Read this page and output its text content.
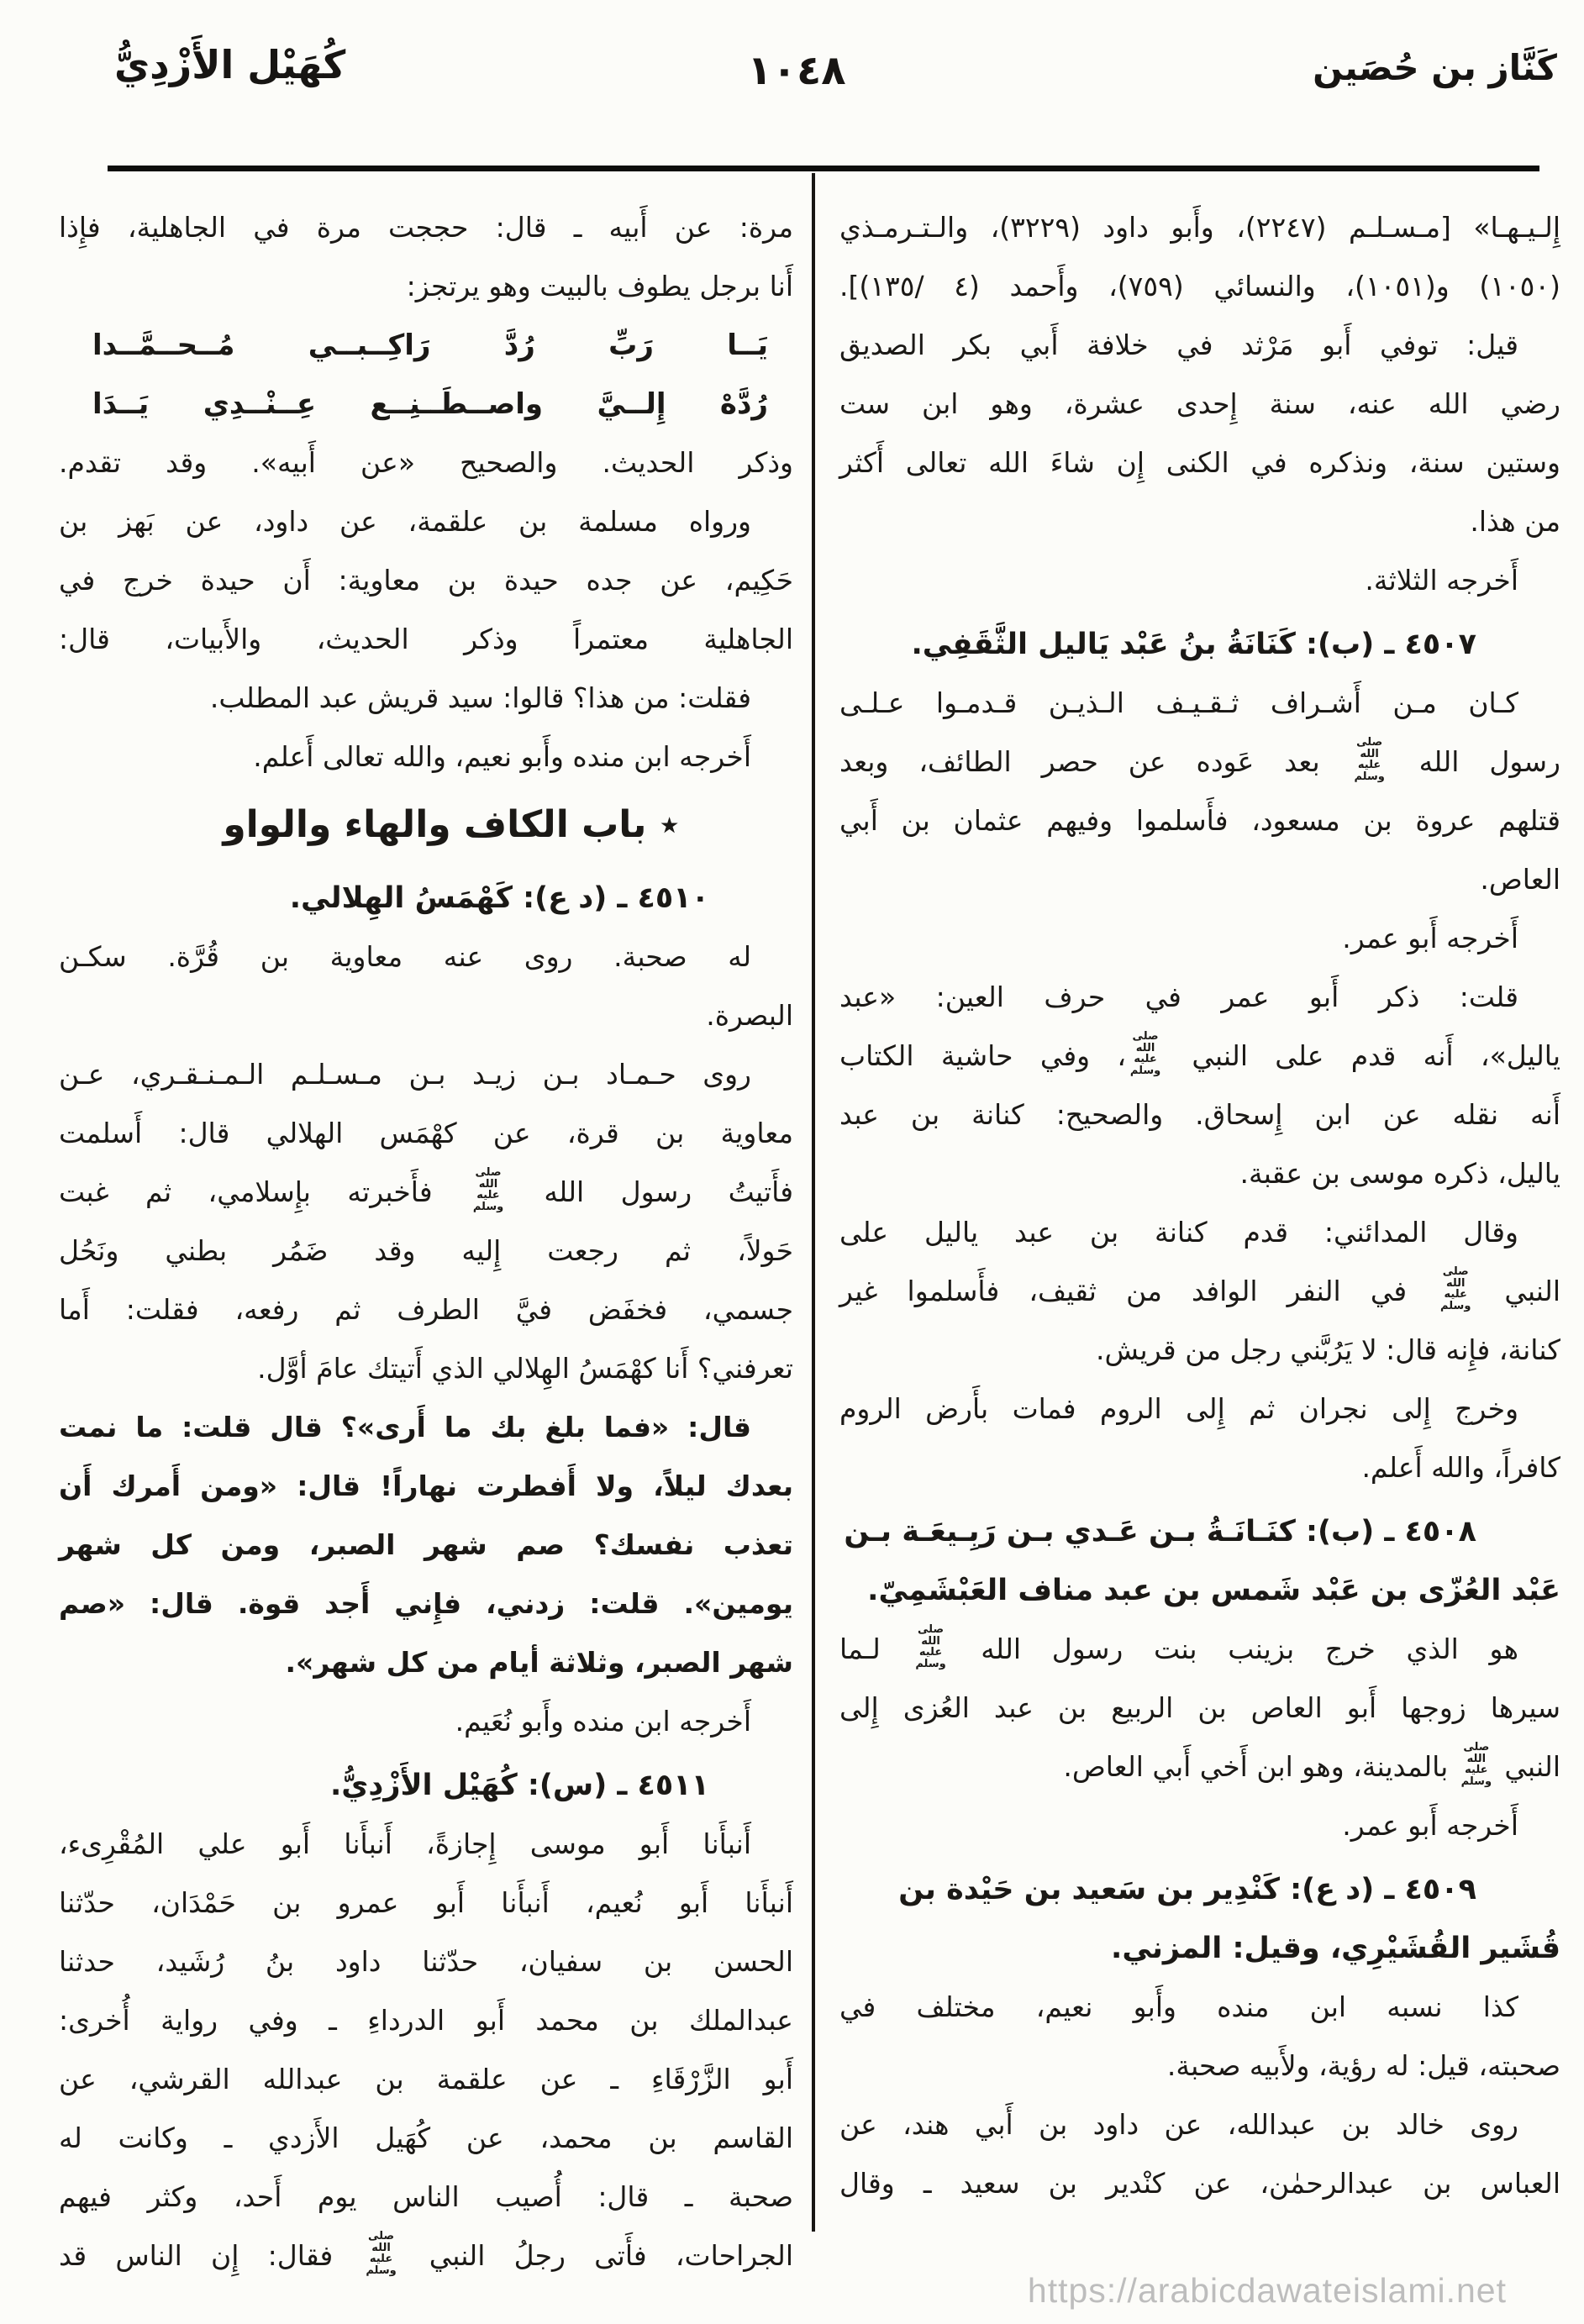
كَنَّاز بن حُصَين
١٠٤٨
كُهَيْل الأَزْدِيُّ
إِلـيـهـا» [مـسـلـم (٢٢٤٧)، وأَبو داود (٣٢٢٩)، والـتـرمـذي
(١٠٥٠) و(١٠٥١)، والنسائي (٧٥٩)، وأَحمد (٤ /١٣٥)].
قيل: توفي أَبو مَرْثد في خلافة أَبي بكر الصديق
رضي الله عنه، سنة إِحدى عشرة، وهو ابن ست
وستين سنة، ونذكره في الكنى إِن شاءَ الله تعالى أَكثر
من هذا.
أَخرجه الثلاثة.
٤٥٠٧ ـ (ب): كَنَانَةُ بنُ عَبْد يَاليل الثَّقَفِي.
كـان مـن أَشـراف ثـقـيـف الـذيـن قـدمـوا عـلـى
رسول الله صلى الله عليه وسلم بعد عَوده عن حصر الطائف، وبعد
قتلهم عروة بن مسعود، فأَسلموا وفيهم عثمان بن أَبي
العاص.
أَخرجه أَبو عمر.
قلت: ذكر أَبو عمر في حرف العين: «عبد
ياليل»، أَنه قدم على النبي صلى الله عليه وسلم، وفي حاشية الكتاب
أَنه نقله عن ابن إِسحاق. والصحيح: كنانة بن عبد
ياليل، ذكره موسى بن عقبة.
وقال المدائني: قدم كنانة بن عبد ياليل على
النبي صلى الله عليه وسلم في النفر الوافد من ثقيف، فأَسلموا غير
كنانة، فإِنه قال: لا يَرُبَّني رجل من قريش.
وخرج إِلى نجران ثم إِلى الروم فمات بأَرض الروم
كافراً، والله أَعلم.
٤٥٠٨ ـ (ب): كنَـانَـةُ بـن عَـدي بـن رَبِـيعَـة بـن
عَبْد العُزّى بن عَبْد شَمس بن عبد مناف العَبْشَمِيّ.
هو الذي خرج بزينب بنت رسول الله صلى الله عليه وسلم لـما
سيرها زوجها أَبو العاص بن الربيع بن عبد العُزى إِلى
النبي صلى الله عليه وسلم بالمدينة، وهو ابن أَخي أَبي العاص.
أَخرجه أَبو عمر.
٤٥٠٩ ـ (د ع): كَنْدِير بن سَعيد بن حَيْدة بن
قُشَير القُشَيْرِي، وقيل: المزني.
كذا نسبه ابن منده وأَبو نعيم، مختلف في
صحبته، قيل: له رؤية، ولأَبيه صحبة.
روى خالد بن عبدالله، عن داود بن أَبي هند، عن
العباس بن عبدالرحمٰن، عن كنْدير بن سعيد ـ وقال
مرة: عن أَبيه ـ قال: حججت مرة في الجاهلية، فإِذا
أَنا برجل يطوف بالبيت وهو يرتجز:
يَــا رَبِّ رُدَّ رَاكِــبــي مُــحــمَّــدا
رُدَّهْ إِلــيَّ واصــطَــنِــع عِــنْــدِي يَــدَا
وذكر الحديث. والصحيح «عن أَبيه». وقد تقدم.
ورواه مسلمة بن علقمة، عن داود، عن بَهز بن
حَكِيم، عن جده حيدة بن معاوية: أَن حيدة خرج في
الجاهلية معتمراً وذكر الحديث، والأَبيات، قال:
فقلت: من هذا؟ قالوا: سيد قريش عبد المطلب.
أَخرجه ابن منده وأَبو نعيم، والله تعالى أَعلم.
٭ باب الكاف والهاء والواو
٤٥١٠ ـ (د ع): كَهْمَسُ الهِلالي.
له صحبة. روى عنه معاوية بن قُرَّة. سكـن
البصرة.
روى حـمـاد بـن زيـد بـن مـسـلـم الـمـنـقـري، عـن
معاوية بن قرة، عن كهْمَس الهلالي قال: أَسلمت
فأَتيتُ رسول الله صلى الله عليه وسلم فأَخبرته بإِسلامي، ثم غبت
حَولاً، ثم رجعت إِليه وقد ضَمُر بطني ونَحُل
جسمي، فخفَض فيَّ الطرف ثم رفعه، فقلت: أَما
تعرفني؟ أَنا كهْمَسُ الهِلالي الذي أَتيتك عامَ أوَّل.
قال: «فما بلغ بك ما أَرى»؟ قال قلت: ما نمت
بعدك ليلاً، ولا أَفطرت نهاراً! قال: «ومن أَمرك أَن
تعذب نفسك؟ صم شهر الصبر، ومن كل شهر
يومين». قلت: زدني، فإِني أَجد قوة. قال: «صم
شهر الصبر، وثلاثة أيام من كل شهر».
أَخرجه ابن منده وأَبو نُعَيم.
٤٥١١ ـ (س): كُهَيْل الأَزْدِيُّ.
أَنبأَنا أَبو موسى إِجازةً، أَنبأَنا أَبو علي المُقْرِىء،
أَنبأَنا أَبو نُعيم، أَنبأَنا أَبو عمرو بن حَمْدَان، حدّثنا
الحسن بن سفيان، حدّثنا داود بنُ رُشَيد، حدثنا
عبدالملك بن محمد أَبو الدرداءِ ـ وفي رواية أُخرى:
أَبو الزَّرْقَاءِ ـ عن علقمة بن عبدالله القرشي، عن
القاسم بن محمد، عن كُهَيل الأَزدي ـ وكانت له
صحبة ـ قال: أُصيب الناس يوم أَحد، وكثر فيهم
الجراحات، فأَتى رجلُ النبي صلى الله عليه وسلم فقال: إِن الناس قد
https://arabicdawateislami.net
